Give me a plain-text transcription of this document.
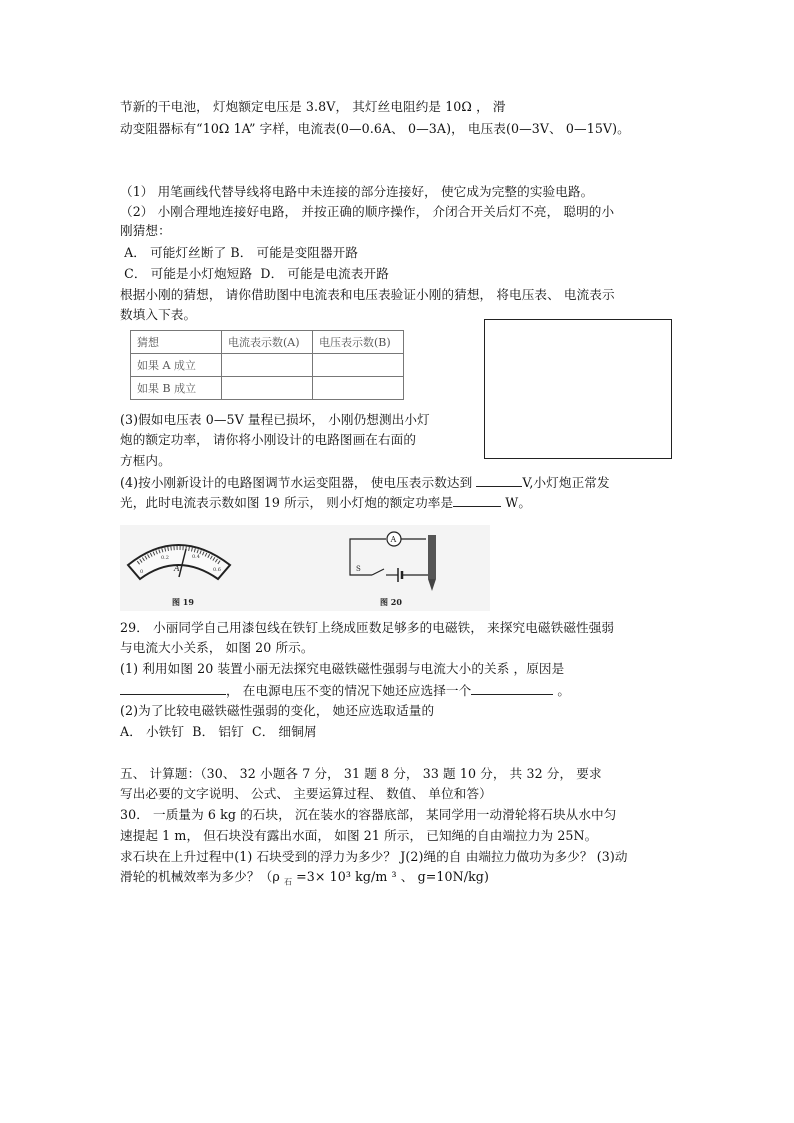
节新的干电池， 灯炮额定电压是 3.8V， 其灯丝电阻约是 10Ω ， 滑
动变阻器标有“10Ω 1A” 字样，电流表(0—0.6A、 0—3A)， 电压表(0—3V、 0—15V)。
（1） 用笔画线代替导线将电路中未连接的部分连接好， 使它成为完整的实验电路。
（2） 小刚合理地连接好电路， 并按正确的顺序操作， 介闭合开关后灯不亮， 聪明的小
刚猜想：
A． 可能灯丝断了 B． 可能是变阻器开路
C． 可能是小灯炮短路  D． 可能是电流表开路
根据小刚的猜想， 请你借助图中电流表和电压表验证小刚的猜想， 将电压表、 电流表示
数填入下表。
猜想	电流表示数(A)	电压表示数(B)
如果 A 成立		
如果 B 成立		
(3)假如电压表 0—5V 量程已损坏， 小刚仍想测出小灯
炮的额定功率， 请你将小刚设计的电路图画在右面的
方框内。
(4)按小刚新设计的电路图调节水运变阻器， 使电压表示数达到	V,小灯炮正常发
光，此时电流表示数如图 19 所示， 则小灯炮的额定功率是	W。
0
0.2	0.4
0.6
A
图 19
A
S
图 20
29． 小丽同学自己用漆包线在铁钉上绕成匝数足够多的电磁铁， 来探究电磁铁磁性强弱
与电流大小关系， 如图 20 所示。
(1) 利用如图 20 装置小丽无法探究电磁铁磁性强弱与电流大小的关系 ，原因是
， 在电源电压不变的情况下她还应选择一个	。
(2)为了比较电磁铁磁性强弱的变化， 她还应选取适量的
A． 小铁钉  B． 铝钉  C． 细铜屑
五、 计算题：（30、 32 小题各 7 分， 31 题 8 分， 33 题 10 分， 共 32 分， 要求
写出必要的文字说明、 公式、 主要运算过程、 数值、 单位和答）
30． 一质量为 6 kg 的石块， 沉在装水的容器底部， 某同学用一动滑轮将石块从水中匀
速提起 1 m， 但石块没有露出水面， 如图 21 所示， 已知绳的自由端拉力为 25N。
求石块在上升过程中(1) 石块受到的浮力为多少？ J(2)绳的自 由端拉力做功为多少？ (3)动
滑轮的机械效率为多少？（ρ $_石$ =3× 10³ kg/m ³ 、 g=10N/kg)
